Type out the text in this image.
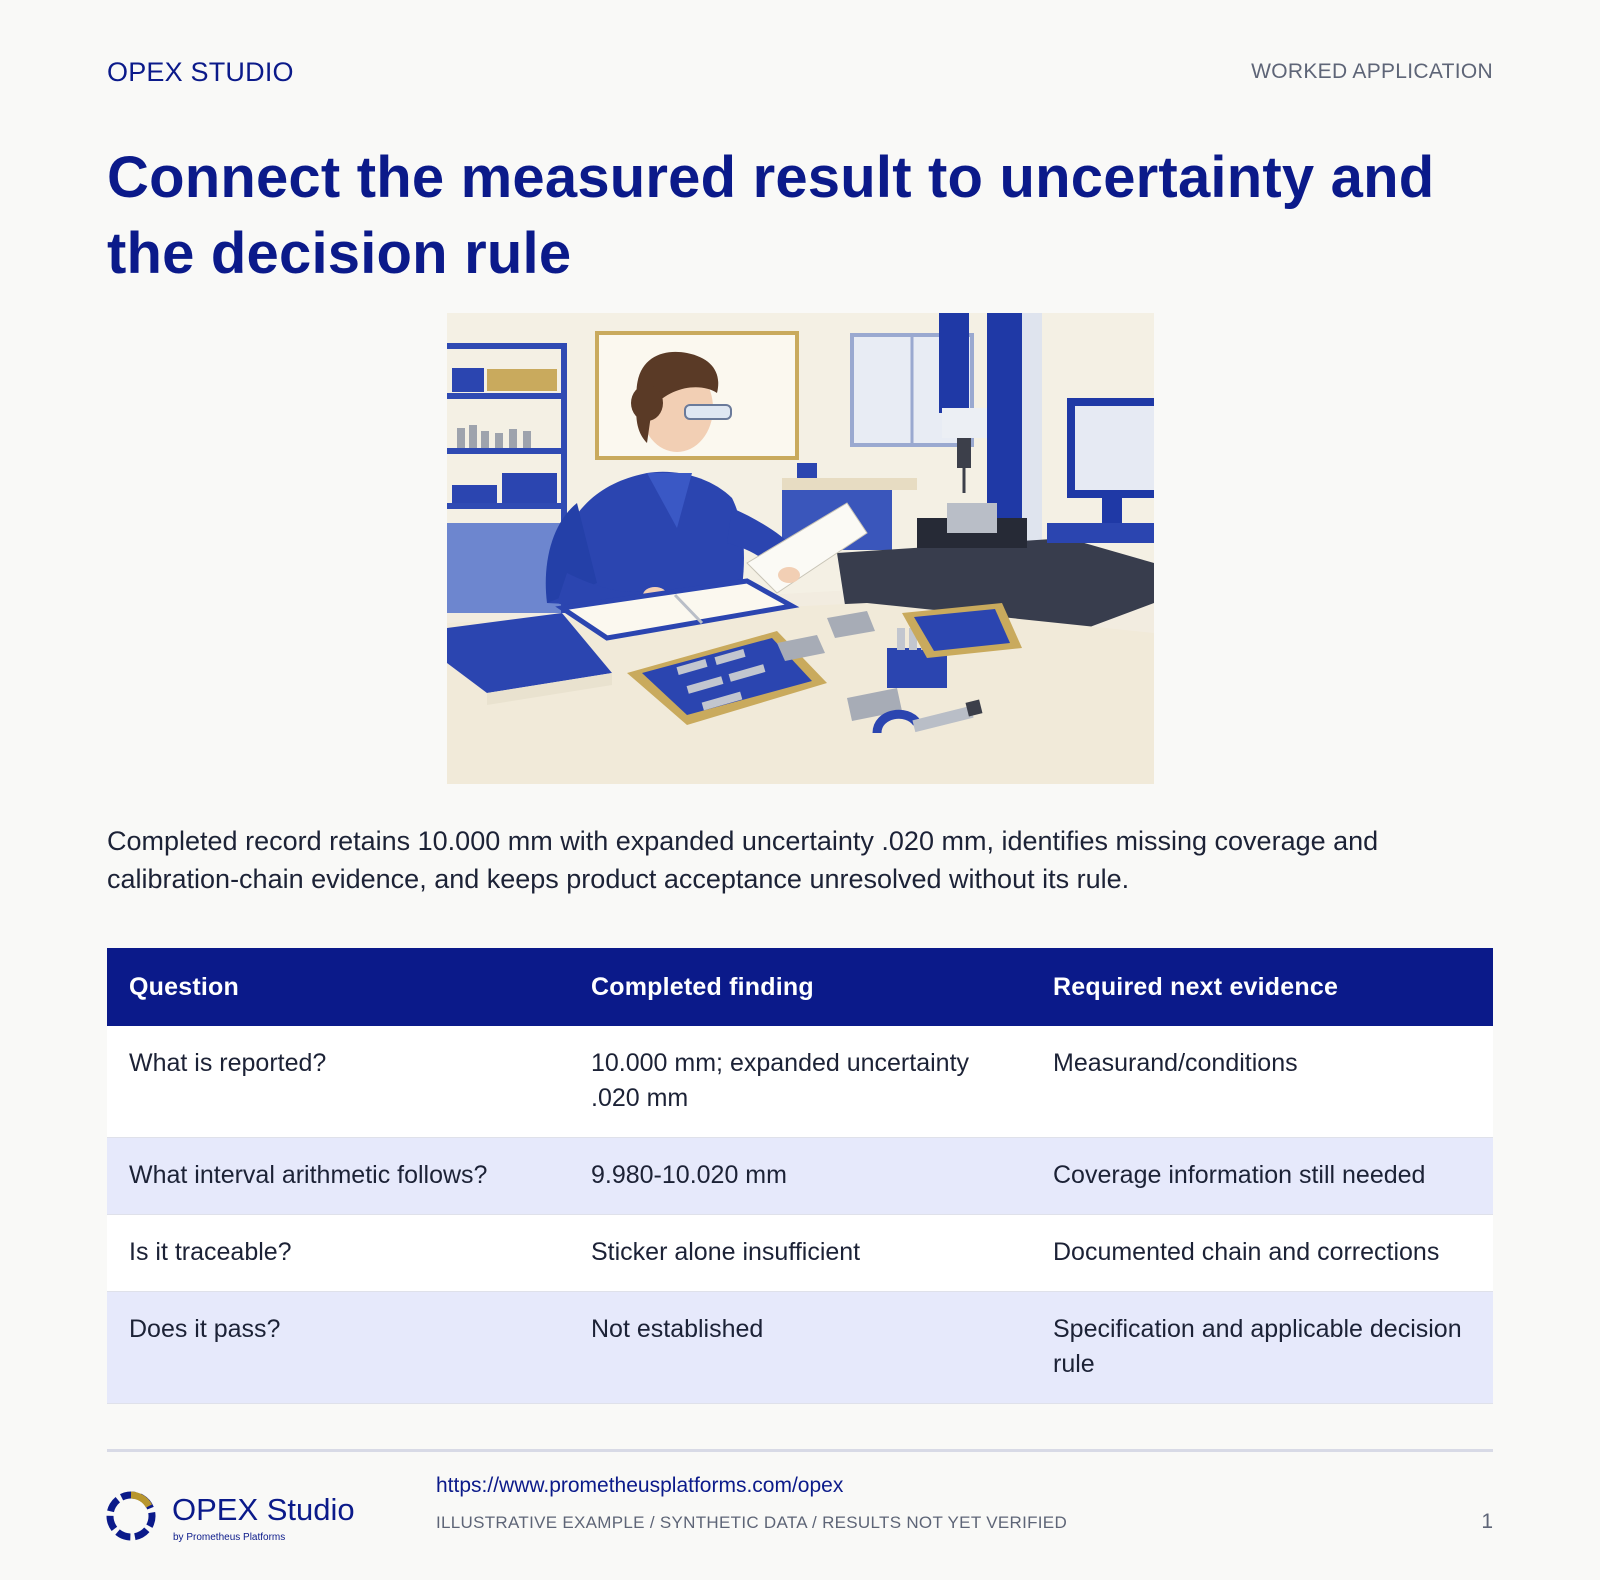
OPEX STUDIO	WORKED APPLICATION
Connect the measured result to uncertainty and the decision rule

Completed record retains 10.000 mm with expanded uncertainty .020 mm, identifies missing coverage and calibration-chain evidence, and keeps product acceptance unresolved without its rule.

Question	Completed finding	Required next evidence
What is reported?	10.000 mm; expanded uncertainty .020 mm	Measurand/conditions
What interval arithmetic follows?	9.980-10.020 mm	Coverage information still needed
Is it traceable?	Sticker alone insufficient	Documented chain and corrections
Does it pass?	Not established	Specification and applicable decision rule
OPEX Studio
by Prometheus Platforms
https://www.prometheusplatforms.com/opex
ILLUSTRATIVE EXAMPLE / SYNTHETIC DATA / RESULTS NOT YET VERIFIED	1
